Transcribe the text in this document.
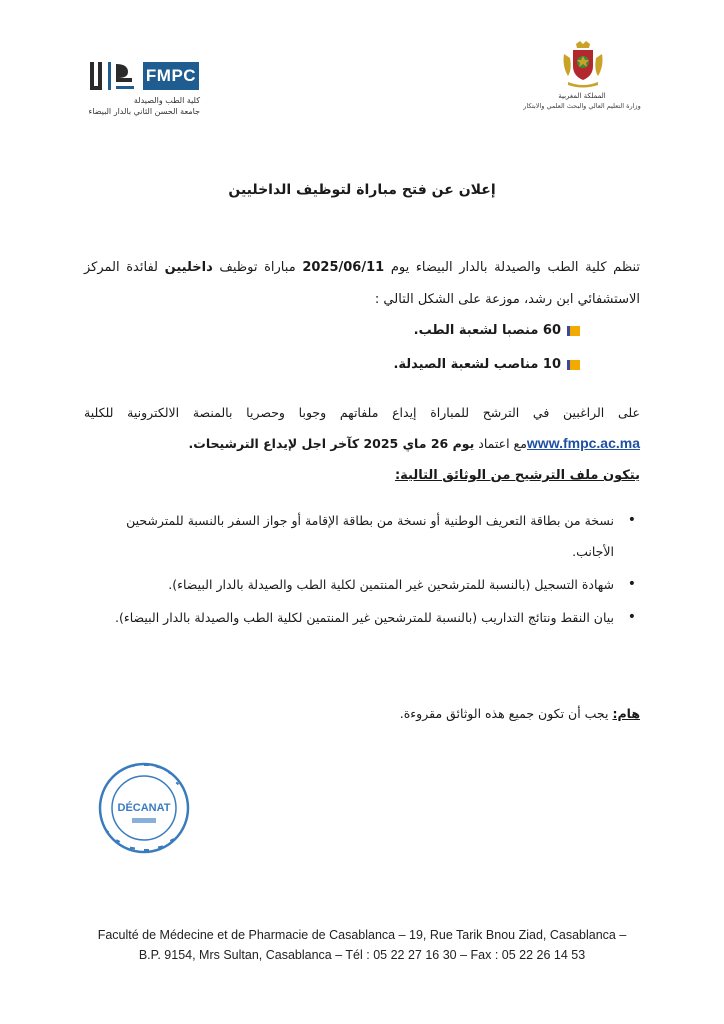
FMPC
كلية الطب والصيدلة
جامعة الحسن الثاني بالدار البيضاء
المملكة المغربية
وزارة التعليم العالي والبحث العلمي والابتكار
إعلان عن فتح مباراة لتوظيف الداخليين
تنظم كلية الطب والصيدلة بالدار البيضاء يوم 2025/06/11 مباراة توظيف داخليين لفائدة المركز الاستشفائي ابن رشد، موزعة على الشكل التالي :
60 منصبا لشعبة الطب.
10 مناصب لشعبة الصيدلة.
على الراغبين في الترشح للمباراة إيداع ملفاتهم وجوبا وحصريا بالمنصة الالكترونية للكلية www.fmpc.ac.maمع اعتماد يوم 26 ماي 2025 كآخر اجل لإيداع الترشيحات.
يتكون ملف الترشيح من الوثائق التالية:
• نسخة من بطاقة التعريف الوطنية أو نسخة من بطاقة الإقامة أو جواز السفر بالنسبة للمترشحين الأجانب.
• شهادة التسجيل (بالنسبة للمترشحين غير المنتمين لكلية الطب والصيدلة بالدار البيضاء).
• بيان النقط ونتائج التداريب (بالنسبة للمترشحين غير المنتمين لكلية الطب والصيدلة بالدار البيضاء).
هام: يجب أن تكون جميع هذه الوثائق مقروءة.
DÉCANAT
Faculté de Médecine et de Pharmacie de Casablanca – 19, Rue Tarik Bnou Ziad, Casablanca –
B.P. 9154, Mrs Sultan, Casablanca – Tél : 05 22 27 16 30 – Fax : 05 22 26 14 53
